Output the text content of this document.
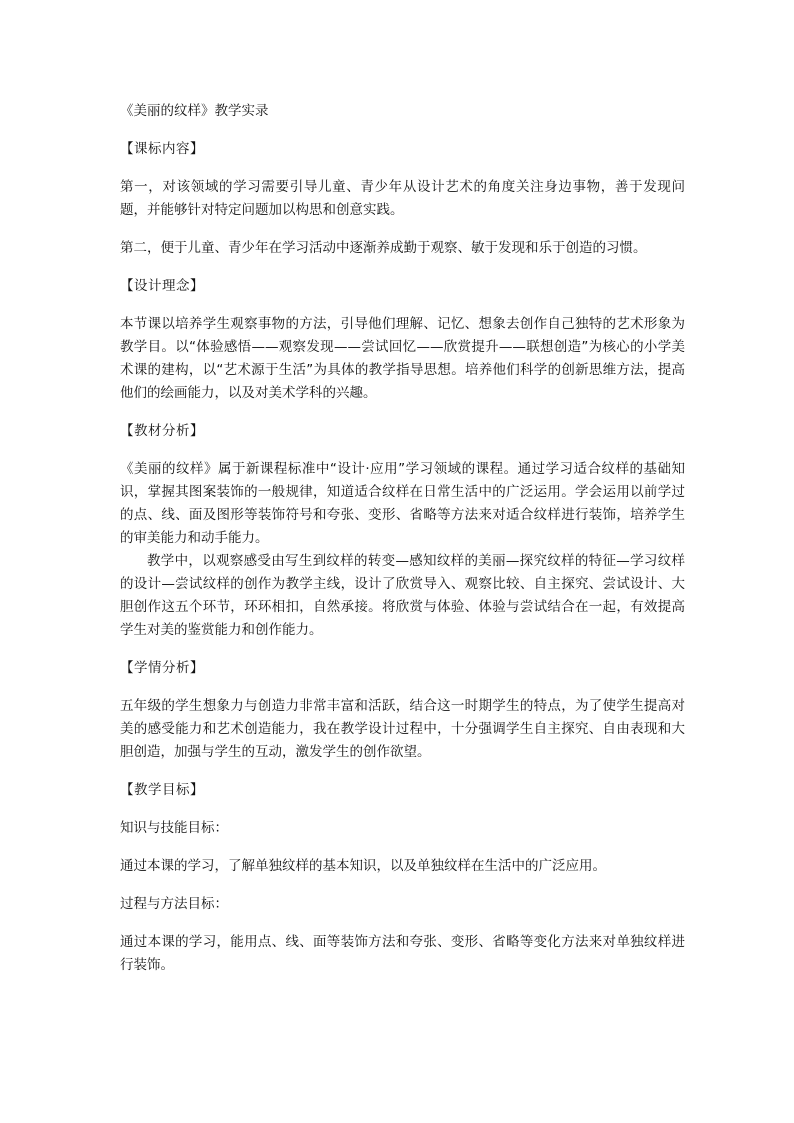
《美丽的纹样》教学实录

【课标内容】

第一，对该领域的学习需要引导儿童、青少年从设计艺术的角度关注身边事物，善于发现问题，并能够针对特定问题加以构思和创意实践。

第二，便于儿童、青少年在学习活动中逐渐养成勤于观察、敏于发现和乐于创造的习惯。

【设计理念】

本节课以培养学生观察事物的方法，引导他们理解、记忆、想象去创作自己独特的艺术形象为教学目。以“体验感悟——观察发现——尝试回忆——欣赏提升——联想创造”为核心的小学美术课的建构，以“艺术源于生活”为具体的教学指导思想。培养他们科学的创新思维方法，提高他们的绘画能力，以及对美术学科的兴趣。

【教材分析】

《美丽的纹样》属于新课程标准中“设计·应用”学习领域的课程。通过学习适合纹样的基础知识，掌握其图案装饰的一般规律，知道适合纹样在日常生活中的广泛运用。学会运用以前学过的点、线、面及图形等装饰符号和夸张、变形、省略等方法来对适合纹样进行装饰，培养学生的审美能力和动手能力。

教学中，以观察感受由写生到纹样的转变—感知纹样的美丽—探究纹样的特征—学习纹样的设计—尝试纹样的创作为教学主线，设计了欣赏导入、观察比较、自主探究、尝试设计、大胆创作这五个环节，环环相扣，自然承接。将欣赏与体验、体验与尝试结合在一起，有效提高学生对美的鉴赏能力和创作能力。

【学情分析】

五年级的学生想象力与创造力非常丰富和活跃，结合这一时期学生的特点，为了使学生提高对美的感受能力和艺术创造能力，我在教学设计过程中，十分强调学生自主探究、自由表现和大胆创造，加强与学生的互动，激发学生的创作欲望。

【教学目标】

知识与技能目标：

通过本课的学习，了解单独纹样的基本知识，以及单独纹样在生活中的广泛应用。

过程与方法目标：

通过本课的学习，能用点、线、面等装饰方法和夸张、变形、省略等变化方法来对单独纹样进行装饰。
